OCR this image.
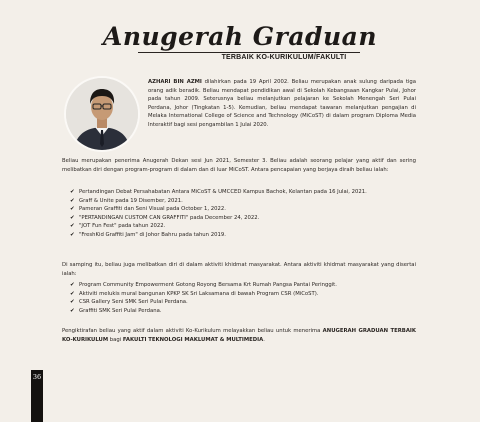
Anugerah Graduan
TERBAIK KO-KURIKULUM/FAKULTI
AZHARI BIN AZMI dilahirkan pada 19 April 2002. Beliau merupakan anak sulung daripada tiga orang adik beradik. Beliau mendapat pendidikan awal di Sekolah Kebangsaan Kangkar Pulai, Johor pada tahun 2009. Seterusnya beliau melanjutkan pelajaran ke Sekolah Menengah Seri Pulai Perdana, Johor (Tingkatan 1-5). Kemudian, beliau mendapat tawaran melanjutkan pengajian di Melaka International College of Science and Technology (MiCoST) di dalam program Diploma Media Interaktif bagi sesi pengambilan 1 Julai 2020.
Beliau merupakan penerima Anugerah Dekan sesi Jun 2021, Semester 3. Beliau adalah seorang pelajar yang aktif dan sering melibatkan diri dengan program-program di dalam dan di luar MiCoST. Antara pencapaian yang berjaya diraih beliau ialah:
✔ Pertandingan Debat Persahabatan Antara MiCoST & UMCCED Kampus Bachok, Kelantan pada 16 Julai, 2021.
✔ Graff & Unite pada 19 Disember, 2021.
✔ Pameran Graffiti dan Seni Visual pada October 1, 2022.
✔ "PERTANDINGAN CUSTOM CAN GRAFFITI" pada December 24, 2022.
✔ "JOT Fun Fest" pada tahun 2022.
✔ "FreshKid Graffiti Jam" di Johor Bahru pada tahun 2019.
Di samping itu, beliau juga melibatkan diri di dalam aktiviti khidmat masyarakat. Antara aktiviti khidmat masyarakat yang disertai ialah:
✔ Program Community Empowerment Gotong Royong Bersama Krt Rumah Pangsa Pantai Peringgit.
✔ Aktiviti melukis mural bangunan KPKP SK Sri Laksamana di bawah Program CSR (MiCoST).
✔ CSR Gallery Seni SMK Seri Pulai Perdana.
✔ Graffiti SMK Seri Pulai Perdana.
Pengiktirafan beliau yang aktif dalam aktiviti Ko-Kurikulum melayakkan beliau untuk menerima ANUGERAH GRADUAN TERBAIK KO-KURIKULUM bagi FAKULTI TEKNOLOGI MAKLUMAT & MULTIMEDIA.
36
